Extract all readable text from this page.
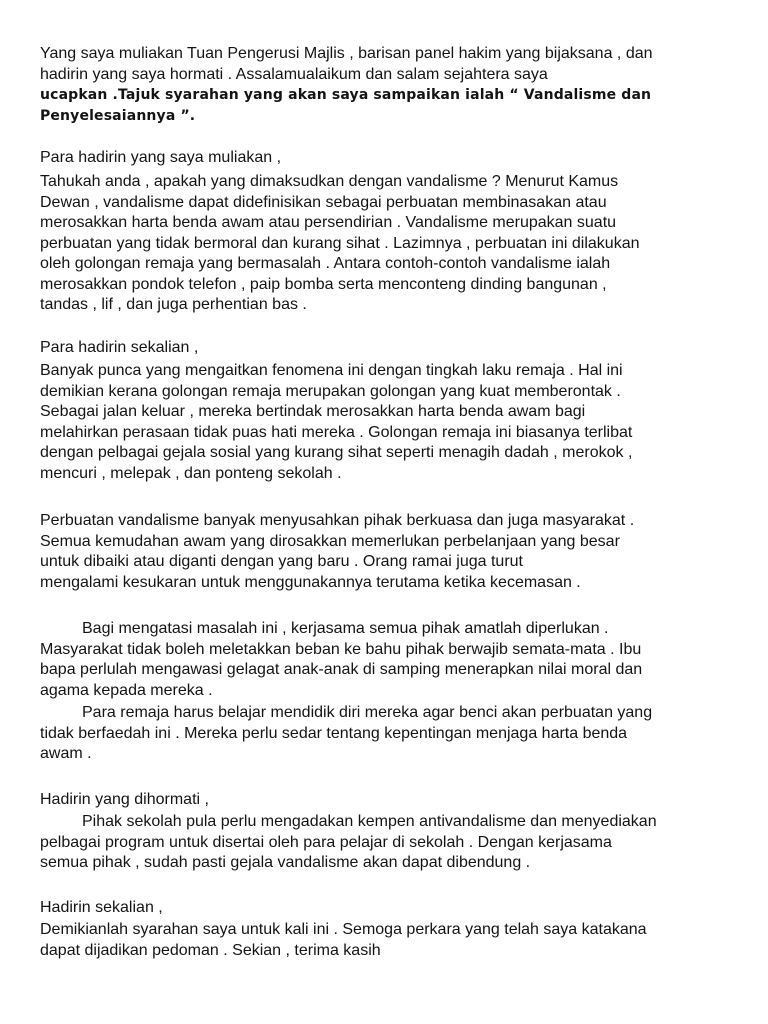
Yang saya muliakan Tuan Pengerusi Majlis , barisan panel hakim yang bijaksana , dan

hadirin yang saya hormati . Assalamualaikum dan salam sejahtera saya

ucapkan .Tajuk syarahan yang akan saya sampaikan ialah “ Vandalisme dan

Penyelesaiannya ”.

Para hadirin yang saya muliakan ,

Tahukah anda , apakah yang dimaksudkan dengan vandalisme ? Menurut Kamus

Dewan , vandalisme dapat didefinisikan sebagai perbuatan membinasakan atau

merosakkan harta benda awam atau persendirian . Vandalisme merupakan suatu

perbuatan yang tidak bermoral dan kurang sihat . Lazimnya , perbuatan ini dilakukan

oleh golongan remaja yang bermasalah . Antara contoh-contoh vandalisme ialah

merosakkan pondok telefon , paip bomba serta menconteng dinding bangunan ,

tandas , lif , dan juga perhentian bas .

Para hadirin sekalian ,

Banyak punca yang mengaitkan fenomena ini dengan tingkah laku remaja . Hal ini

demikian kerana golongan remaja merupakan golongan yang kuat memberontak .

Sebagai jalan keluar , mereka bertindak merosakkan harta benda awam bagi

melahirkan perasaan tidak puas hati mereka . Golongan remaja ini biasanya terlibat

dengan pelbagai gejala sosial yang kurang sihat seperti menagih dadah , merokok ,

mencuri , melepak , dan ponteng sekolah .

Perbuatan vandalisme banyak menyusahkan pihak berkuasa dan juga masyarakat .

Semua kemudahan awam yang dirosakkan memerlukan perbelanjaan yang besar

untuk dibaiki atau diganti dengan yang baru . Orang ramai juga turut

mengalami kesukaran untuk menggunakannya terutama ketika kecemasan .

Bagi mengatasi masalah ini , kerjasama semua pihak amatlah diperlukan .

Masyarakat tidak boleh meletakkan beban ke bahu pihak berwajib semata-mata . Ibu

bapa perlulah mengawasi gelagat anak-anak di samping menerapkan nilai moral dan

agama kepada mereka .

Para remaja harus belajar mendidik diri mereka agar benci akan perbuatan yang

tidak berfaedah ini . Mereka perlu sedar tentang kepentingan menjaga harta benda

awam .

Hadirin yang dihormati ,

Pihak sekolah pula perlu mengadakan kempen antivandalisme dan menyediakan

pelbagai program untuk disertai oleh para pelajar di sekolah . Dengan kerjasama

semua pihak , sudah pasti gejala vandalisme akan dapat dibendung .

Hadirin sekalian ,

Demikianlah syarahan saya untuk kali ini . Semoga perkara yang telah saya katakana

dapat dijadikan pedoman . Sekian , terima kasih
